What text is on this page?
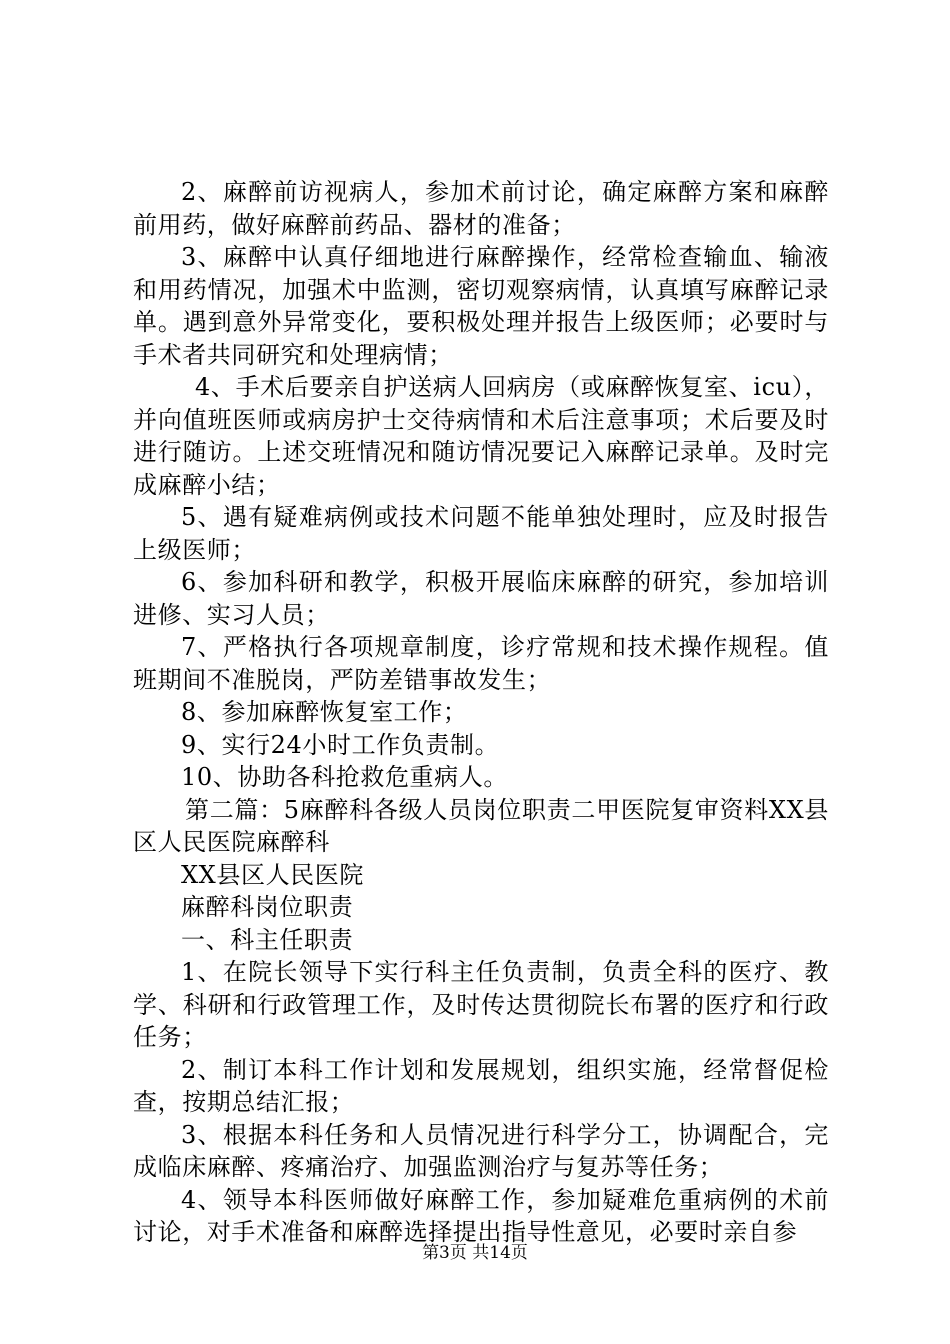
2、麻醉前访视病人，参加术前讨论，确定麻醉方案和麻醉前用药，做好麻醉前药品、器材的准备；

3、麻醉中认真仔细地进行麻醉操作，经常检查输血、输液和用药情况，加强术中监测，密切观察病情，认真填写麻醉记录单。遇到意外异常变化，要积极处理并报告上级医师；必要时与手术者共同研究和处理病情；

4、手术后要亲自护送病人回病房（或麻醉恢复室、icu），并向值班医师或病房护士交待病情和术后注意事项；术后要及时进行随访。上述交班情况和随访情况要记入麻醉记录单。及时完成麻醉小结；

5、遇有疑难病例或技术问题不能单独处理时，应及时报告上级医师；

6、参加科研和教学，积极开展临床麻醉的研究，参加培训进修、实习人员；

7、严格执行各项规章制度，诊疗常规和技术操作规程。值班期间不准脱岗，严防差错事故发生；

8、参加麻醉恢复室工作；

9、实行24小时工作负责制。

10、协助各科抢救危重病人。

第二篇：5麻醉科各级人员岗位职责二甲医院复审资料XX县区人民医院麻醉科

XX县区人民医院

麻醉科岗位职责

一、科主任职责

1、在院长领导下实行科主任负责制，负责全科的医疗、教学、科研和行政管理工作，及时传达贯彻院长布署的医疗和行政任务；

2、制订本科工作计划和发展规划，组织实施，经常督促检查，按期总结汇报；

3、根据本科任务和人员情况进行科学分工，协调配合，完成临床麻醉、疼痛治疗、加强监测治疗与复苏等任务；

4、领导本科医师做好麻醉工作，参加疑难危重病例的术前讨论，对手术准备和麻醉选择提出指导性意见，必要时亲自参

第3页 共14页
